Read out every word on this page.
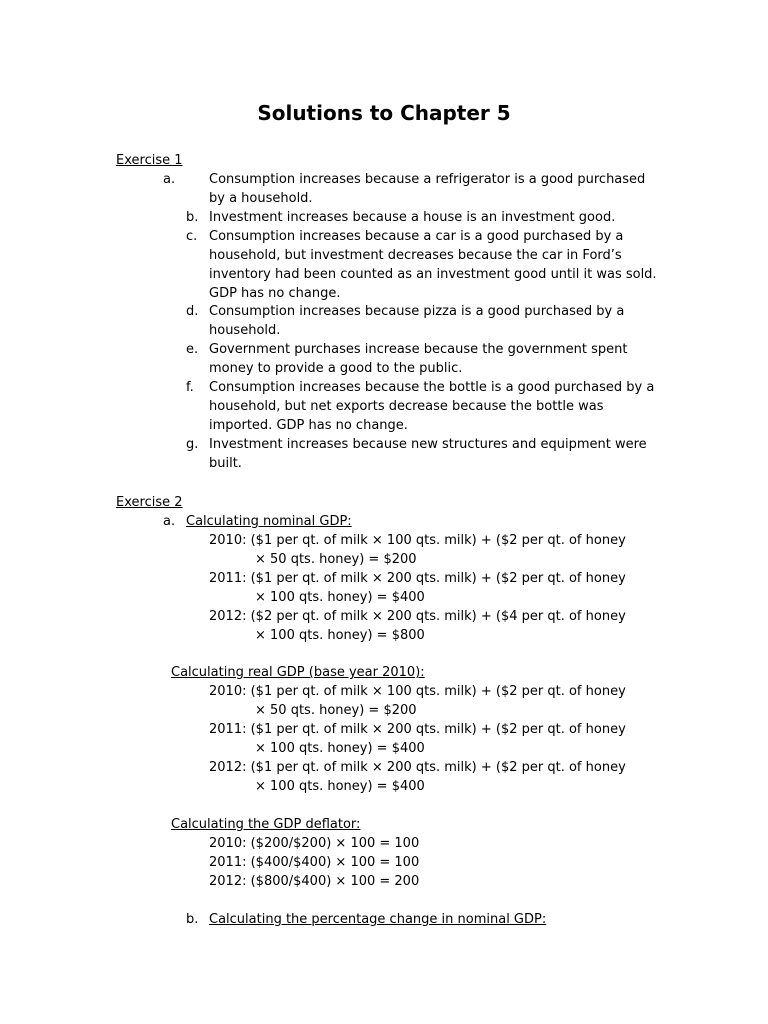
Solutions to Chapter 5
Exercise 1
a.	Consumption increases because a refrigerator is a good purchased by a household.
b. Investment increases because a house is an investment good.
c. Consumption increases because a car is a good purchased by a household, but investment decreases because the car in Ford’s inventory had been counted as an investment good until it was sold. GDP has no change.
d. Consumption increases because pizza is a good purchased by a household.
e. Government purchases increase because the government spent money to provide a good to the public.
f. Consumption increases because the bottle is a good purchased by a household, but net exports decrease because the bottle was imported. GDP has no change.
g. Investment increases because new structures and equipment were built.
Exercise 2
a. Calculating nominal GDP:
2010: ($1 per qt. of milk × 100 qts. milk) + ($2 per qt. of honey
× 50 qts. honey) = $200
2011: ($1 per qt. of milk × 200 qts. milk) + ($2 per qt. of honey
× 100 qts. honey) = $400
2012: ($2 per qt. of milk × 200 qts. milk) + ($4 per qt. of honey
× 100 qts. honey) = $800
Calculating real GDP (base year 2010):
2010: ($1 per qt. of milk × 100 qts. milk) + ($2 per qt. of honey
× 50 qts. honey) = $200
2011: ($1 per qt. of milk × 200 qts. milk) + ($2 per qt. of honey
× 100 qts. honey) = $400
2012: ($1 per qt. of milk × 200 qts. milk) + ($2 per qt. of honey
× 100 qts. honey) = $400
Calculating the GDP deflator:
2010: ($200/$200) × 100 = 100
2011: ($400/$400) × 100 = 100
2012: ($800/$400) × 100 = 200
b. Calculating the percentage change in nominal GDP:
